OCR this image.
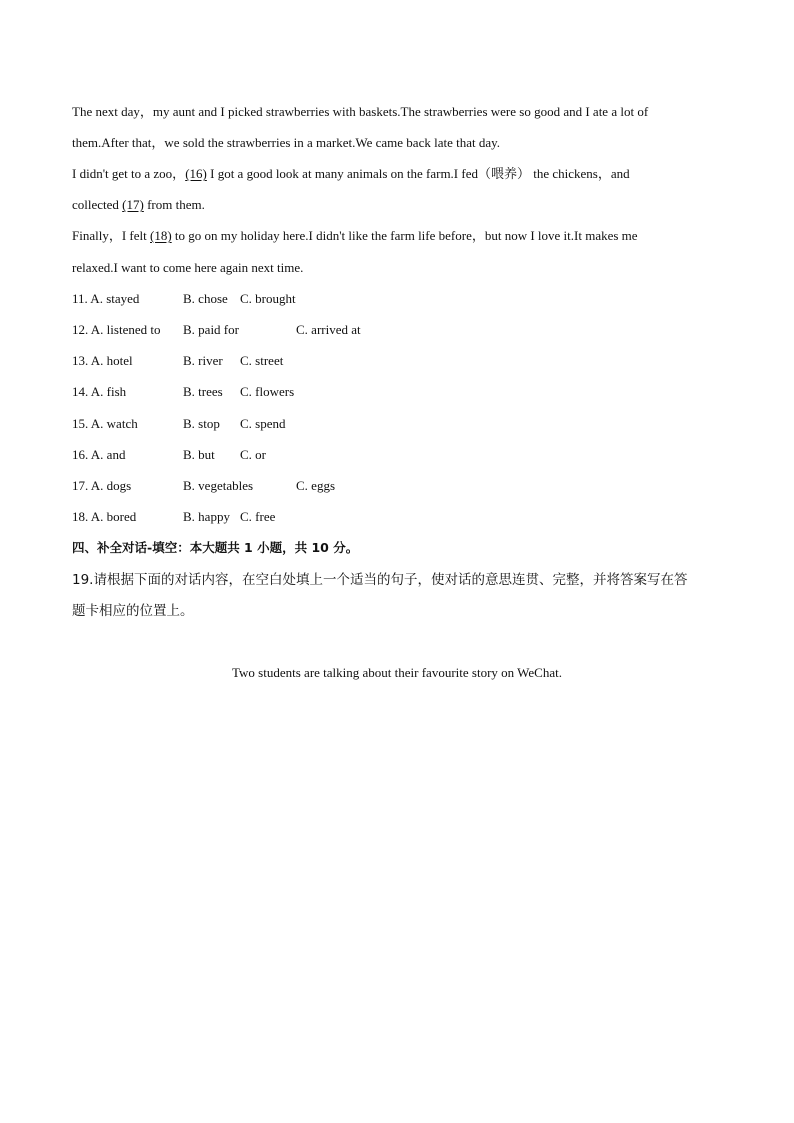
The next day，my aunt and I picked strawberries with baskets.The strawberries were so good and I ate a lot of
them.After that，we sold the strawberries in a market.We came back late that day.
I didn't get to a zoo，(16) I got a good look at many animals on the farm.I fed（喂养） the chickens，and
collected (17) from them.
Finally，I felt (18) to go on my holiday here.I didn't like the farm life before，but now I love it.It makes me
relaxed.I want to come here again next time.
11. A. stayed	B. chose C. brought
12. A. listened to B. paid for	C. arrived at
13. A. hotel	B. river C. street
14. A. fish	B. trees C. flowers
15. A. watch	B. stop C. spend
16. A. and	B. but C. or
17. A. dogs	B. vegetables	C. eggs
18. A. bored	B. happy C. free
四、补全对话-填空：本大题共 1 小题，共 10 分。
19.请根据下面的对话内容，在空白处填上一个适当的句子，使对话的意思连贯、完整，并将答案写在答
题卡相应的位置上。
Two students are talking about their favourite story on WeChat.
